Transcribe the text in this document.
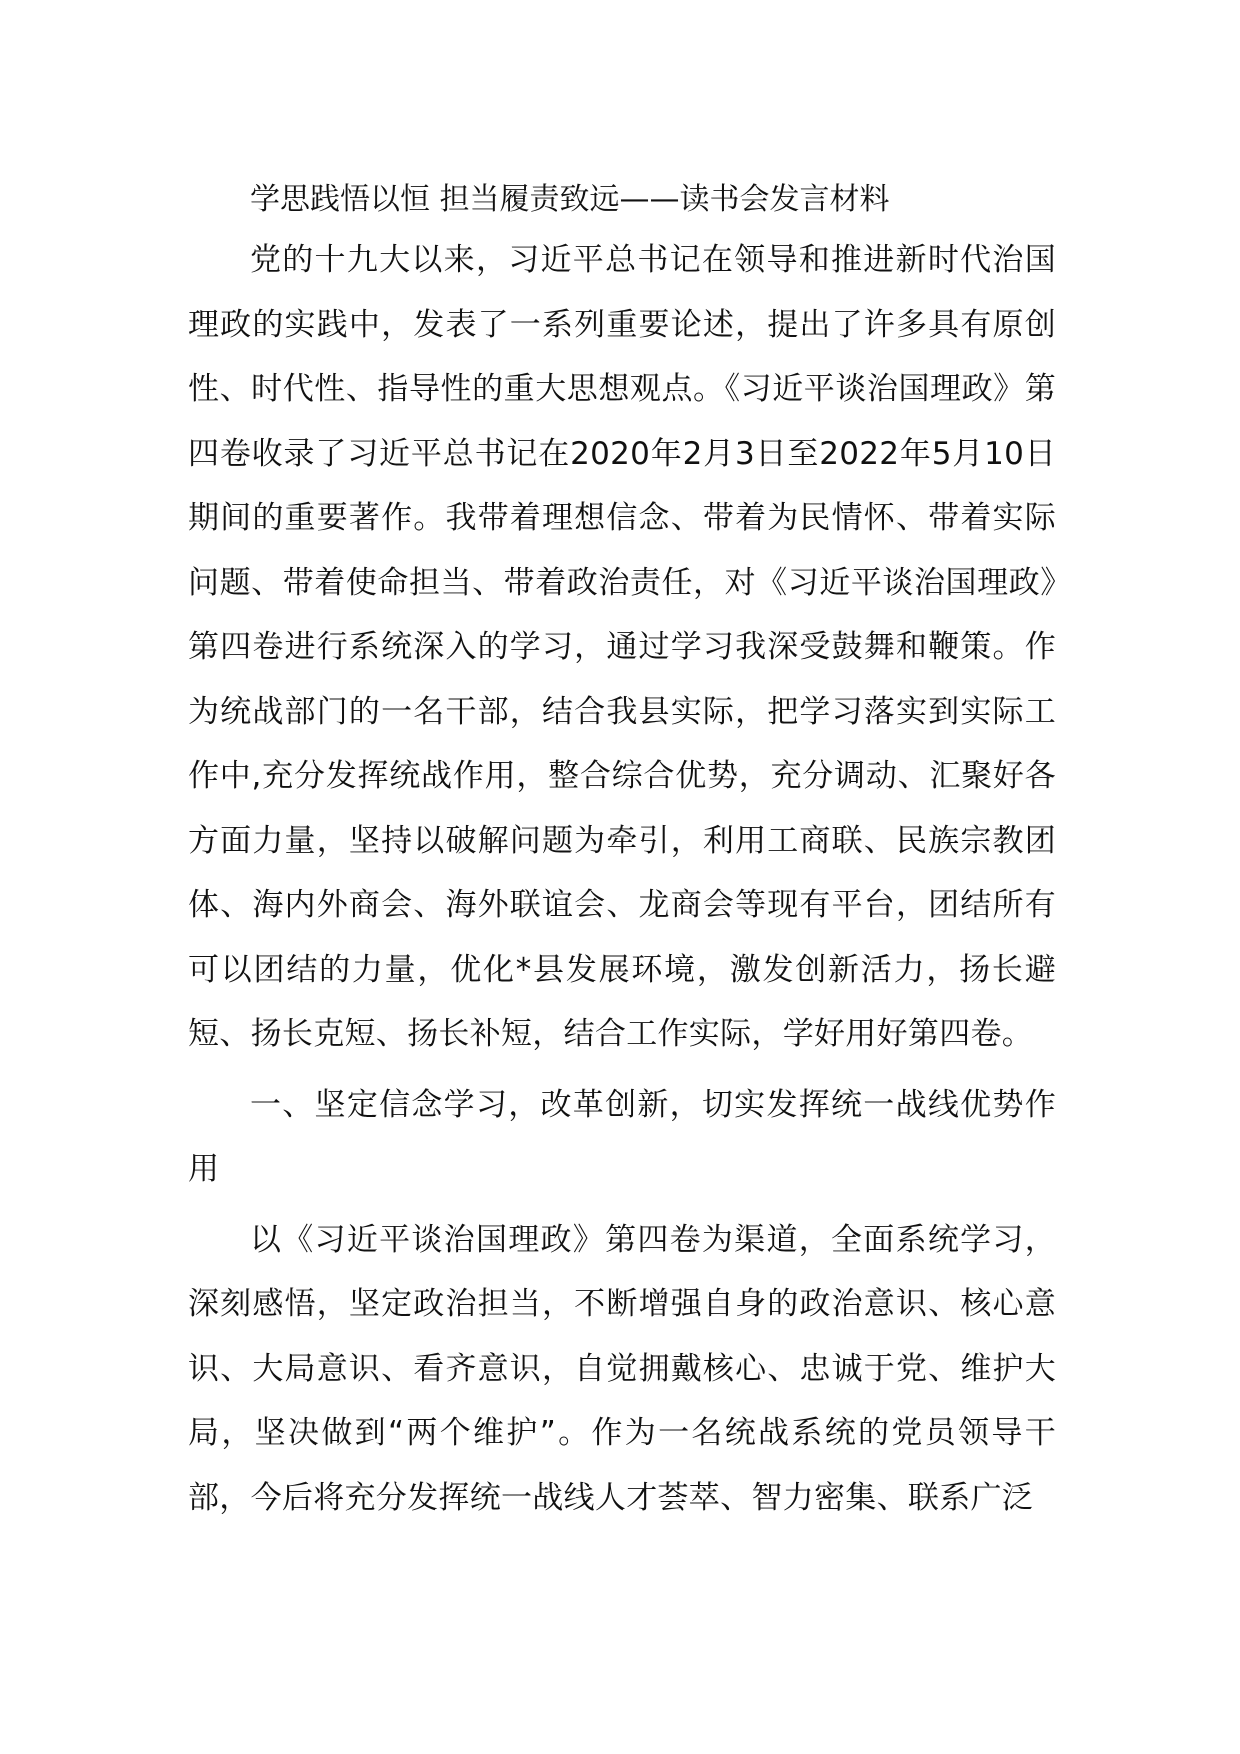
学思践悟以恒 担当履责致远——读书会发言材料

党的十九大以来，习近平总书记在领导和推进新时代治国理政的实践中，发表了一系列重要论述，提出了许多具有原创性、时代性、指导性的重大思想观点。《习近平谈治国理政》第四卷收录了习近平总书记在2020年2月3日至2022年5月10日期间的重要著作。我带着理想信念、带着为民情怀、带着实际问题、带着使命担当、带着政治责任，对《习近平谈治国理政》第四卷进行系统深入的学习，通过学习我深受鼓舞和鞭策。作为统战部门的一名干部，结合我县实际，把学习落实到实际工作中,充分发挥统战作用，整合综合优势，充分调动、汇聚好各方面力量，坚持以破解问题为牵引，利用工商联、民族宗教团体、海内外商会、海外联谊会、龙商会等现有平台，团结所有可以团结的力量，优化*县发展环境，激发创新活力，扬长避短、扬长克短、扬长补短，结合工作实际，学好用好第四卷。

一、坚定信念学习，改革创新，切实发挥统一战线优势作用

以《习近平谈治国理政》第四卷为渠道，全面系统学习，深刻感悟，坚定政治担当，不断增强自身的政治意识、核心意识、大局意识、看齐意识，自觉拥戴核心、忠诚于党、维护大局，坚决做到“两个维护”。作为一名统战系统的党员领导干部，今后将充分发挥统一战线人才荟萃、智力密集、联系广泛
